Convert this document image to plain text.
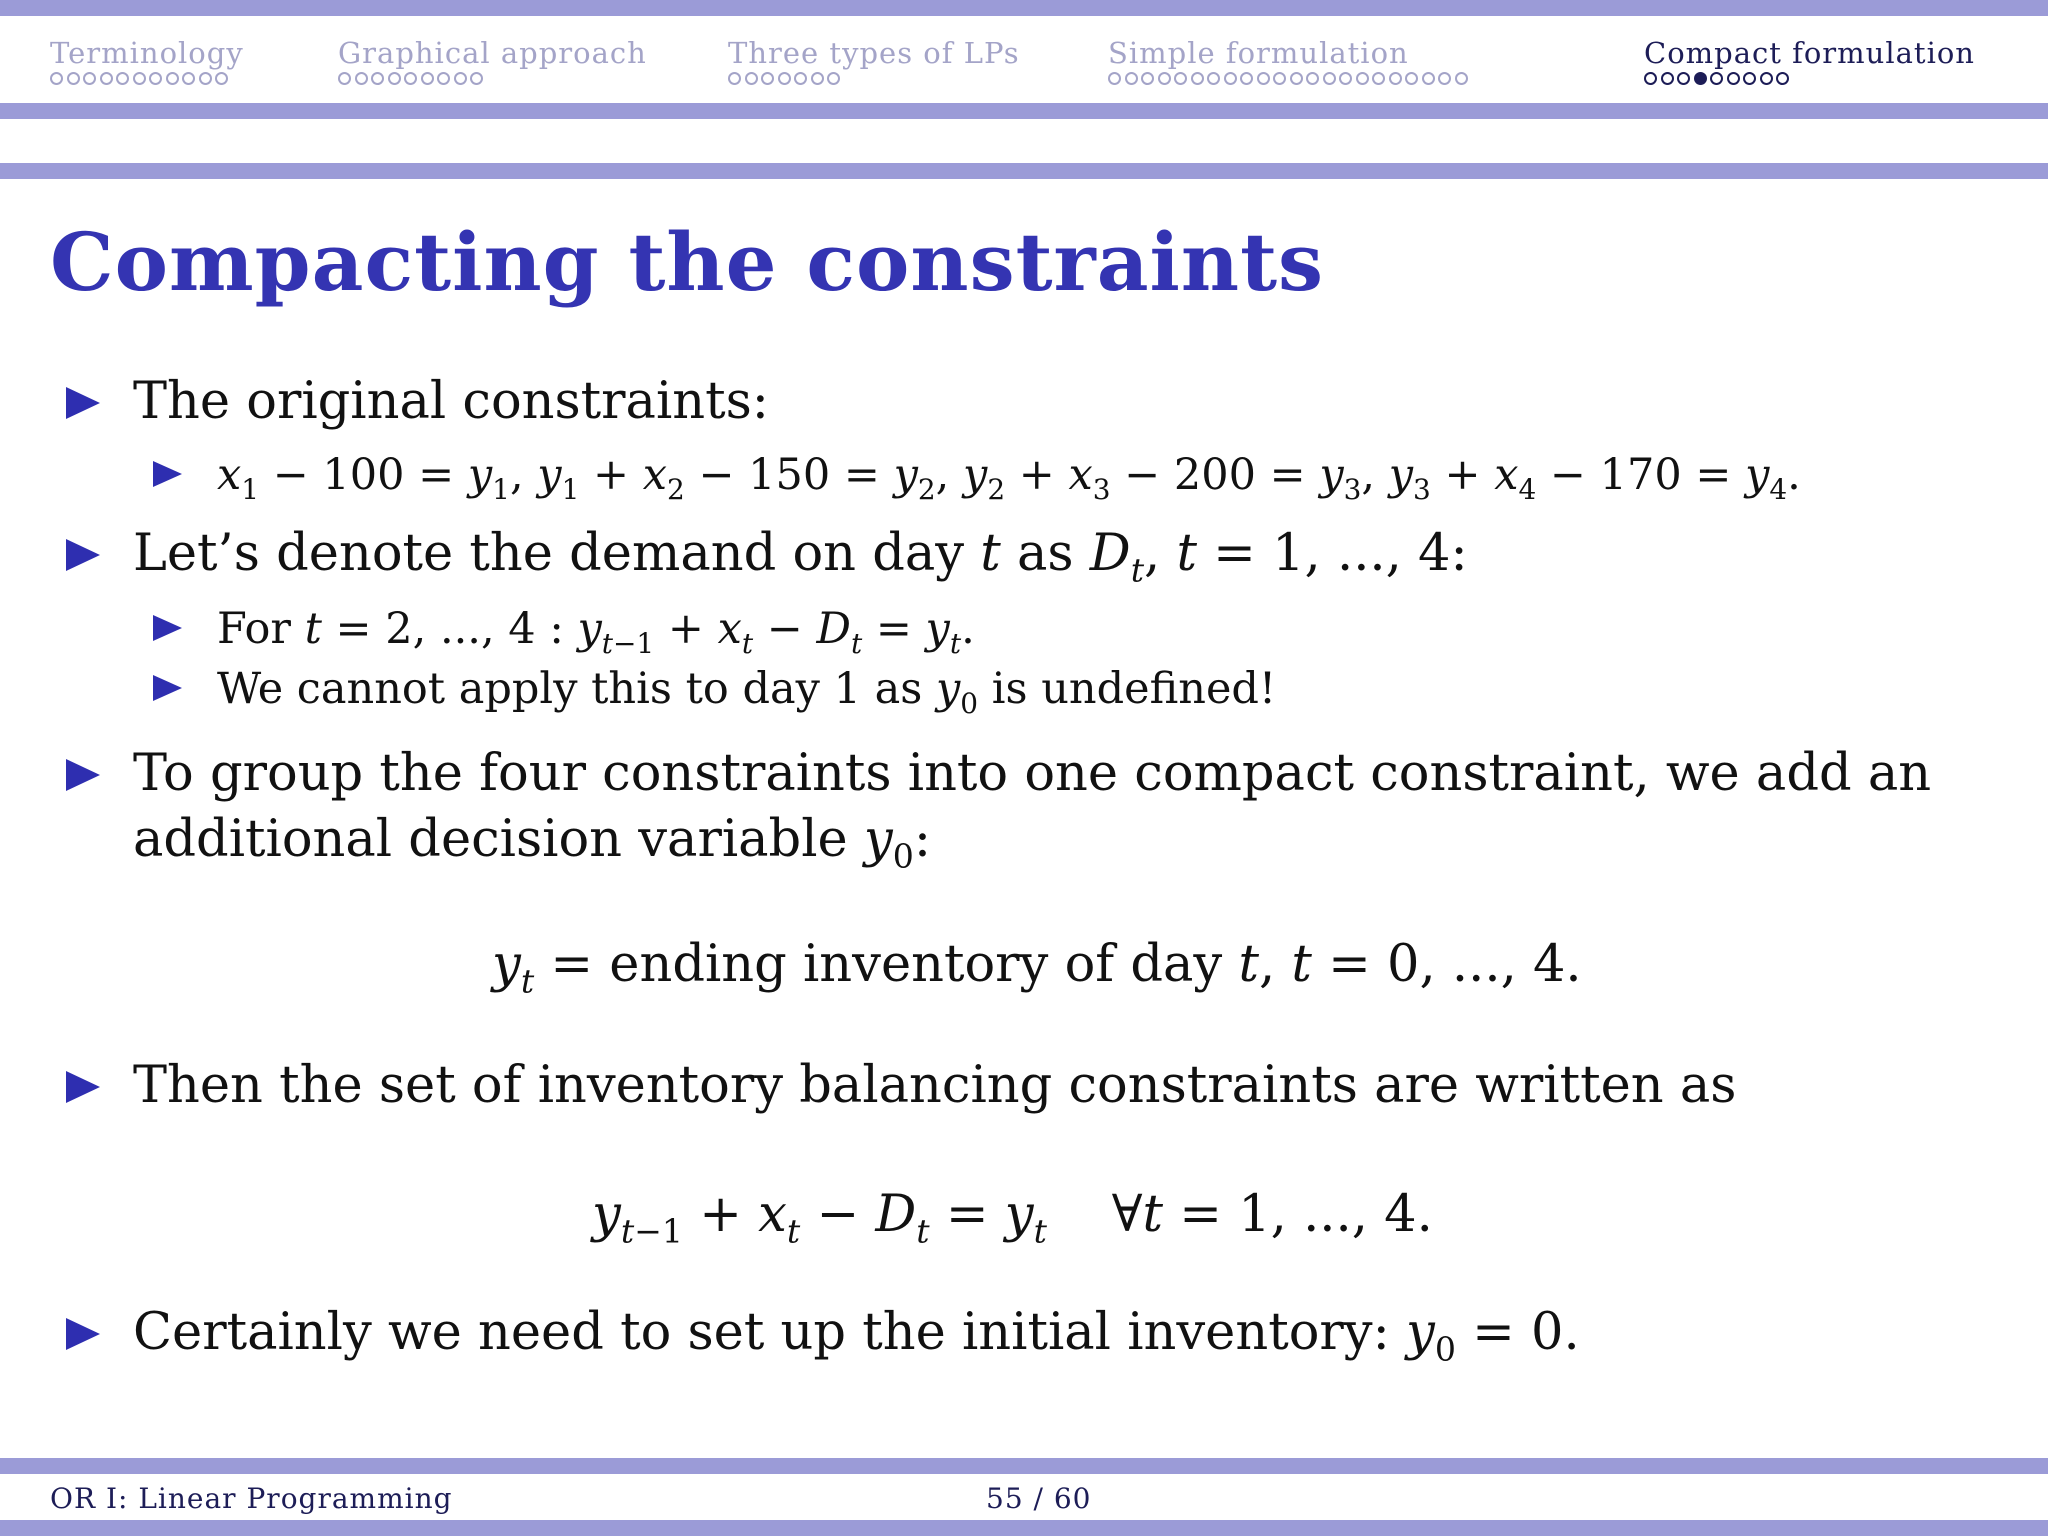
Terminology	Graphical approach	Three types of LPs	Simple formulation	Compact formulation
Compacting the constraints
The original constraints:
$x_1 - 100 = y_1$, $y_1 + x_2 - 150 = y_2$, $y_2 + x_3 - 200 = y_3$, $y_3 + x_4 - 170 = y_4$.
Let’s denote the demand on day t as $D_t$, t = 1, ..., 4:
For t = 2, ..., 4 : $y_{t-1} + x_t - D_t = y_t$.
We cannot apply this to day 1 as $y_0$ is undefined!
To group the four constraints into one compact constraint, we add an
additional decision variable $y_0$:
$y_t$ = ending inventory of day t, t = 0, ..., 4.
Then the set of inventory balancing constraints are written as
$y_{t-1} + x_t - D_t = y_t$    ∀t = 1, ..., 4.
Certainly we need to set up the initial inventory: $y_0 = 0$.
OR I: Linear Programming	55 / 60
